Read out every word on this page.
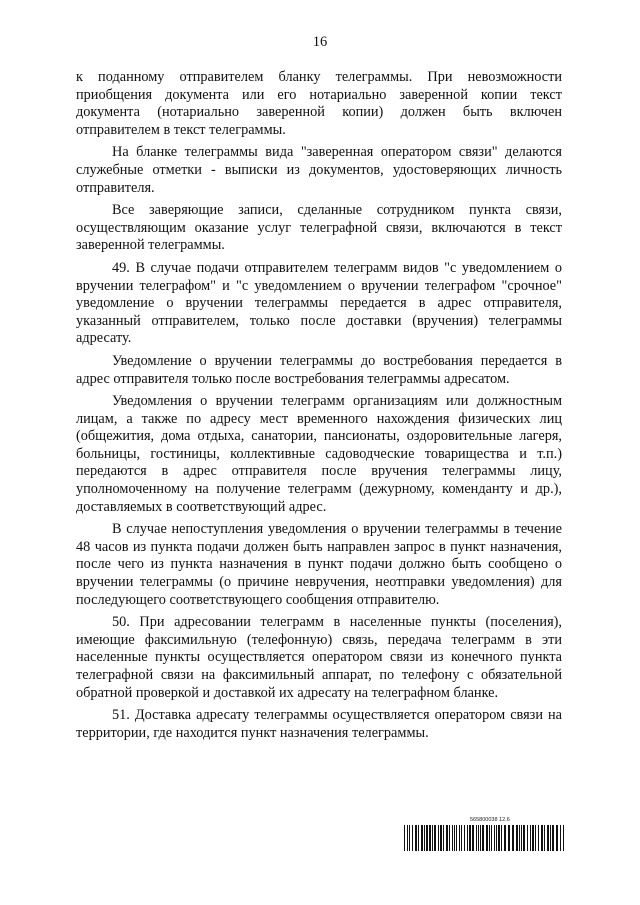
16

к поданному отправителем бланку телеграммы. При невозможности приобщения документа или его нотариально заверенной копии текст документа (нотариально заверенной копии) должен быть включен отправителем в текст телеграммы.

На бланке телеграммы вида "заверенная оператором связи" делаются служебные отметки - выписки из документов, удостоверяющих личность отправителя.

Все заверяющие записи, сделанные сотрудником пункта связи, осуществляющим оказание услуг телеграфной связи, включаются в текст заверенной телеграммы.

49. В случае подачи отправителем телеграмм видов "с уведомлением о вручении телеграфом" и "с уведомлением о вручении телеграфом "срочное" уведомление о вручении телеграммы передается в адрес отправителя, указанный отправителем, только после доставки (вручения) телеграммы адресату.

Уведомление о вручении телеграммы до востребования передается в адрес отправителя только после востребования телеграммы адресатом.

Уведомления о вручении телеграмм организациям или должностным лицам, а также по адресу мест временного нахождения физических лиц (общежития, дома отдыха, санатории, пансионаты, оздоровительные лагеря, больницы, гостиницы, коллективные садоводческие товарищества и т.п.) передаются в адрес отправителя после вручения телеграммы лицу, уполномоченному на получение телеграмм (дежурному, коменданту и др.), доставляемых в соответствующий адрес.

В случае непоступления уведомления о вручении телеграммы в течение 48 часов из пункта подачи должен быть направлен запрос в пункт назначения, после чего из пункта назначения в пункт подачи должно быть сообщено о вручении телеграммы (о причине невручения, неотправки уведомления) для последующего соответствующего сообщения отправителю.

50. При адресовании телеграмм в населенные пункты (поселения), имеющие факсимильную (телефонную) связь, передача телеграмм в эти населенные пункты осуществляется оператором связи из конечного пункта телеграфной связи на факсимильный аппарат, по телефону с обязательной обратной проверкой и доставкой их адресату на телеграфном бланке.

51. Доставка адресату телеграммы осуществляется оператором связи на территории, где находится пункт назначения телеграммы.

565800038 12.6
